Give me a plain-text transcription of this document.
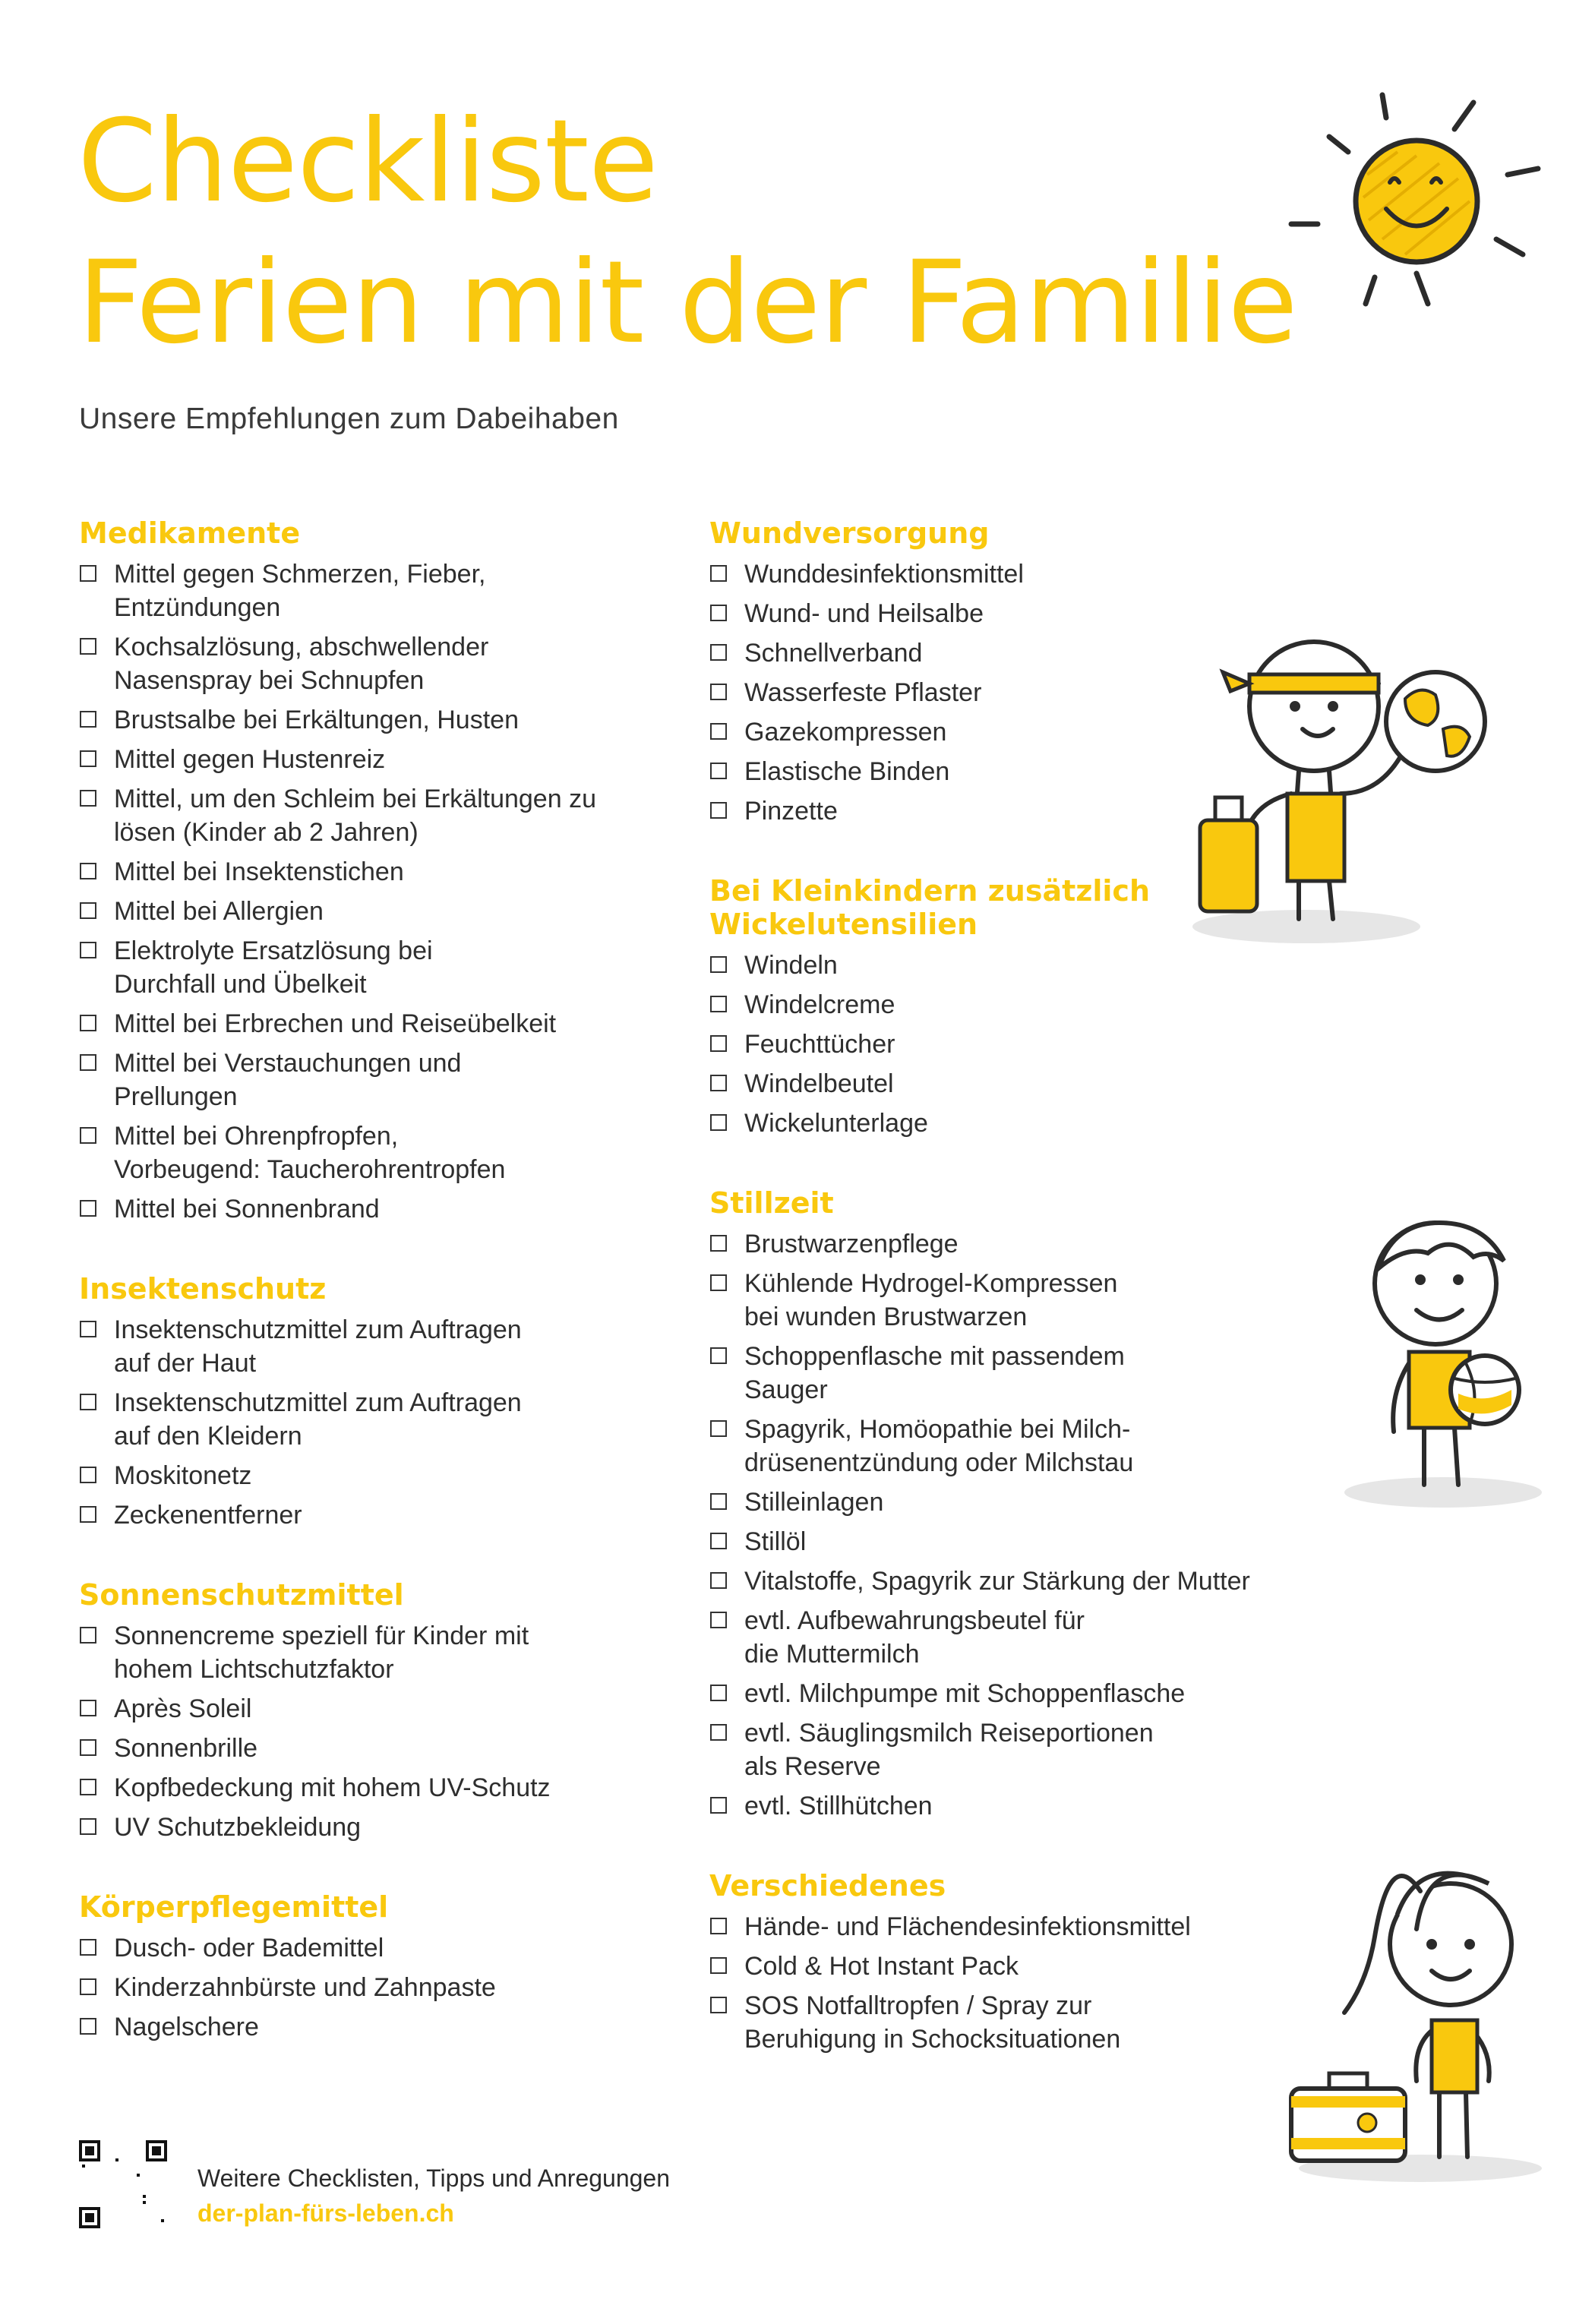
Checkliste
Ferien mit der Familie

Unsere Empfehlungen zum Dabeihaben

Medikamente
Mittel gegen Schmerzen, Fieber,
Entzündungen
Kochsalzlösung, abschwellender
Nasenspray bei Schnupfen
Brustsalbe bei Erkältungen, Husten
Mittel gegen Hustenreiz
Mittel, um den Schleim bei Erkältungen zu
lösen (Kinder ab 2 Jahren)
Mittel bei Insektenstichen
Mittel bei Allergien
Elektrolyte Ersatzlösung bei
Durchfall und Übelkeit
Mittel bei Erbrechen und Reiseübelkeit
Mittel bei Verstauchungen und
Prellungen
Mittel bei Ohrenpfropfen,
Vorbeugend: Taucherohrentropfen
Mittel bei Sonnenbrand
Insektenschutz
Insektenschutzmittel zum Auftragen
auf der Haut
Insektenschutzmittel zum Auftragen
auf den Kleidern
Moskitonetz
Zeckenentferner
Sonnenschutzmittel
Sonnencreme speziell für Kinder mit
hohem Lichtschutzfaktor
Après Soleil
Sonnenbrille
Kopfbedeckung mit hohem UV-Schutz
UV Schutzbekleidung
Körperpflegemittel
Dusch- oder Bademittel
Kinderzahnbürste und Zahnpaste
Nagelschere
Wundversorgung
Wunddesinfektionsmittel
Wund- und Heilsalbe
Schnellverband
Wasserfeste Pflaster
Gazekompressen
Elastische Binden
Pinzette
Bei Kleinkindern zusätzlich
Wickelutensilien
Windeln
Windelcreme
Feuchttücher
Windelbeutel
Wickelunterlage
Stillzeit
Brustwarzenpflege
Kühlende Hydrogel-Kompressen
bei wunden Brustwarzen
Schoppenflasche mit passendem
Sauger
Spagyrik, Homöopathie bei Milch-
drüsenentzündung oder Milchstau
Stilleinlagen
Stillöl
Vitalstoffe, Spagyrik zur Stärkung der Mutter
evtl. Aufbewahrungsbeutel für
die Muttermilch
evtl. Milchpumpe mit Schoppenflasche
evtl. Säuglingsmilch Reiseportionen
als Reserve
evtl. Stillhütchen
Verschiedenes
Hände- und Flächendesinfektionsmittel
Cold & Hot Instant Pack
SOS Notfalltropfen / Spray zur
Beruhigung in Schocksituationen
Weitere Checklisten, Tipps und Anregungen
der-plan-fürs-leben.ch
